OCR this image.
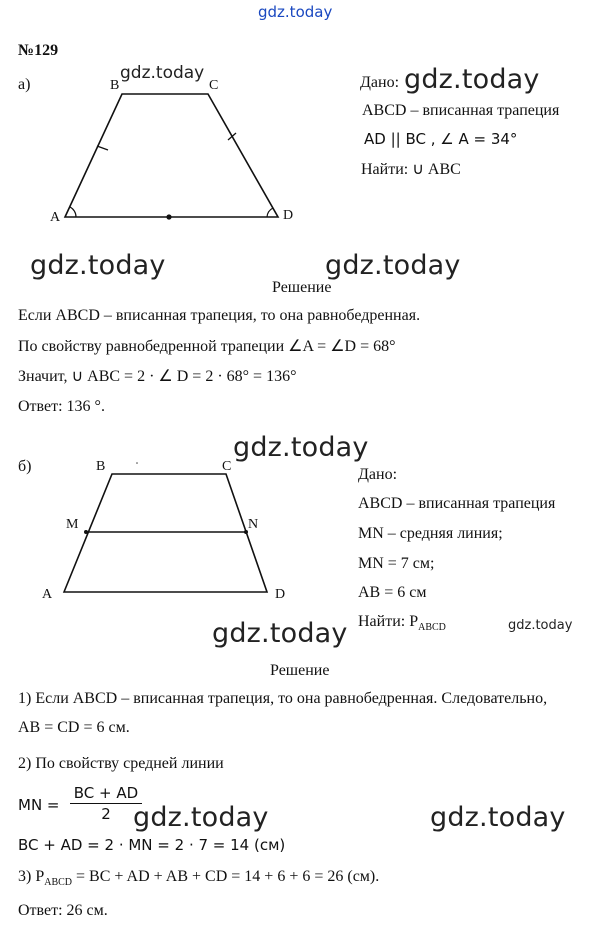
gdz.today
№129
а)	B	C
A	D
gdz.today	Дано: gdz.today
ABCD – вписанная трапеция
AD || BC , ∠ A = 34°
Найти: ∪ ABC
gdz.today	gdz.today
Решение
Если ABCD – вписанная трапеция, то она равнобедренная.
По свойству равнобедренной трапеции ∠A = ∠D = 68°
Значит, ∪ ABC = 2 · ∠ D = 2 · 68° = 136°
Ответ: 136 °.
gdz.today
б)	B	C
M	N
A	D
Дано:
ABCD – вписанная трапеция
MN – средняя линия;
MN = 7 см;
AB = 6 см
Найти: $P_{ABCD}$	gdz.today
gdz.today
Решение
1) Если ABCD – вписанная трапеция, то она равнобедренная. Следовательно,
AB = CD = 6 см.
2) По свойству средней линии
MN =
BC + AD
2 gdz.today	gdz.today
BC + AD = 2 · MN = 2 · 7 = 14 (см)
3) $P_{ABCD}$ = BC + AD + AB + CD = 14 + 6 + 6 = 26 (см).
Ответ: 26 см.
